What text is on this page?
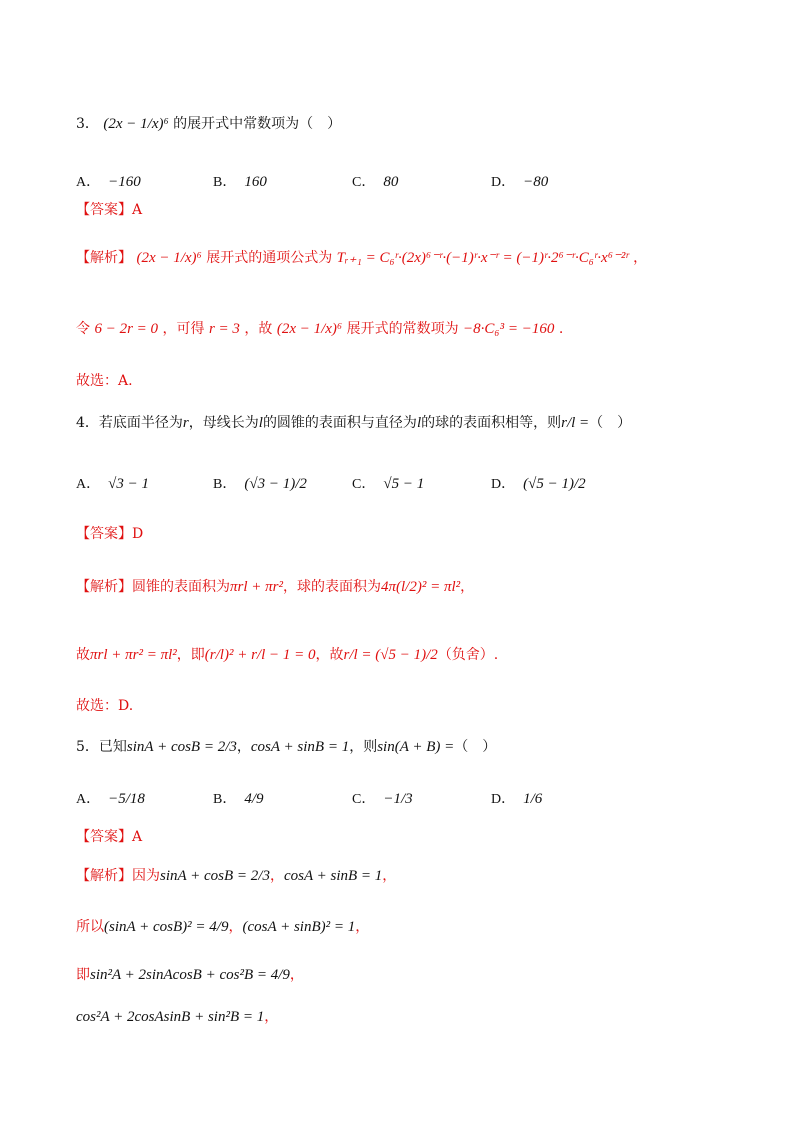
3． (2x − 1/x)⁶ 的展开式中常数项为（　）
A． −160	B． 160	C． 80	D． −80
【答案】A
【解析】 (2x − 1/x)⁶ 展开式的通项公式为 Tᵣ₊₁ = C₆ʳ·(2x)⁶⁻ʳ·(−1)ʳ·x⁻ʳ = (−1)ʳ·2⁶⁻ʳ·C₆ʳ·x⁶⁻²ʳ ，
令 6 − 2r = 0 ，可得 r = 3 ，故 (2x − 1/x)⁶ 展开式的常数项为 −8·C₆³ = −160 .
故选：A.
4．若底面半径为r，母线长为l的圆锥的表面积与直径为l的球的表面积相等，则r/l =（　）
A． √3 − 1	B． (√3 − 1)/2	C． √5 − 1	D． (√5 − 1)/2
【答案】D
【解析】圆锥的表面积为πrl + πr²，球的表面积为4π(l/2)² = πl²，
故πrl + πr² = πl²，即(r/l)² + r/l − 1 = 0，故r/l = (√5 − 1)/2（负舍）.
故选：D.
5．已知sinA + cosB = 2/3，cosA + sinB = 1，则sin(A + B) =（　）
A． −5/18	B． 4/9	C． −1/3	D． 1/6
【答案】A
【解析】因为sinA + cosB = 2/3，cosA + sinB = 1，
所以(sinA + cosB)² = 4/9，(cosA + sinB)² = 1，
即sin²A + 2sinAcosB + cos²B = 4/9，
cos²A + 2cosAsinB + sin²B = 1，
